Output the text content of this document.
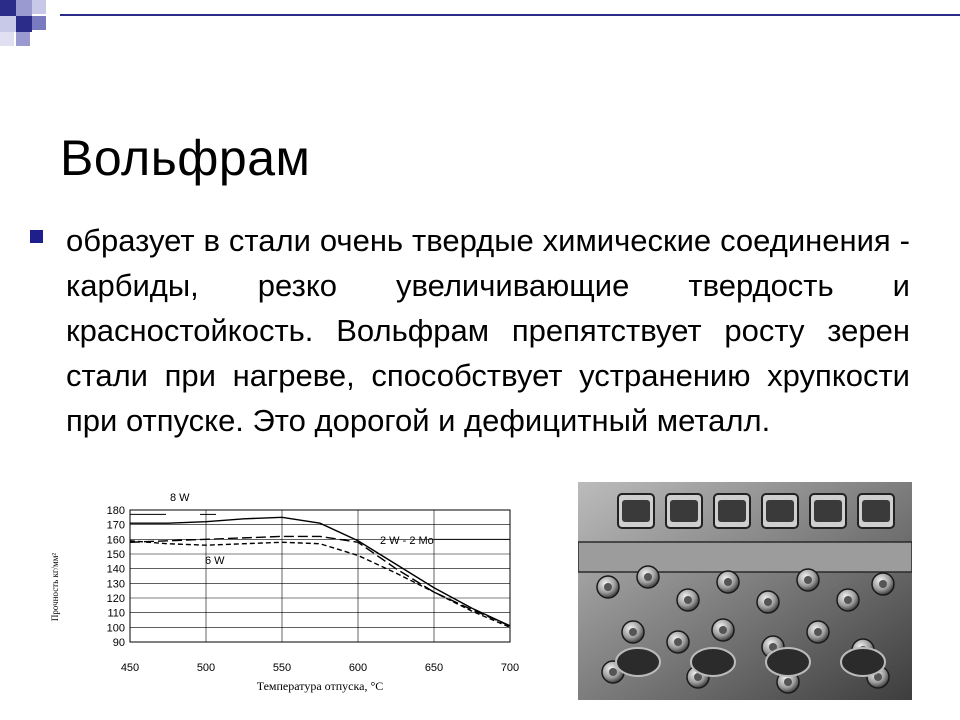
Вольфрам
образует в стали очень твердые химические соединения - карбиды, резко увеличивающие твердость и красностойкость. Вольфрам препятствует росту зерен стали при нагреве, способствует устранению хрупкости при отпуске. Это дорогой и дефицитный металл.
90
100
110
120
130
140
150
160
170
180
450	500	550	600	650	700
8 W
2 W - 2 Mo
6 W
Температура отпуска, °С
Прочность кг/мм²
